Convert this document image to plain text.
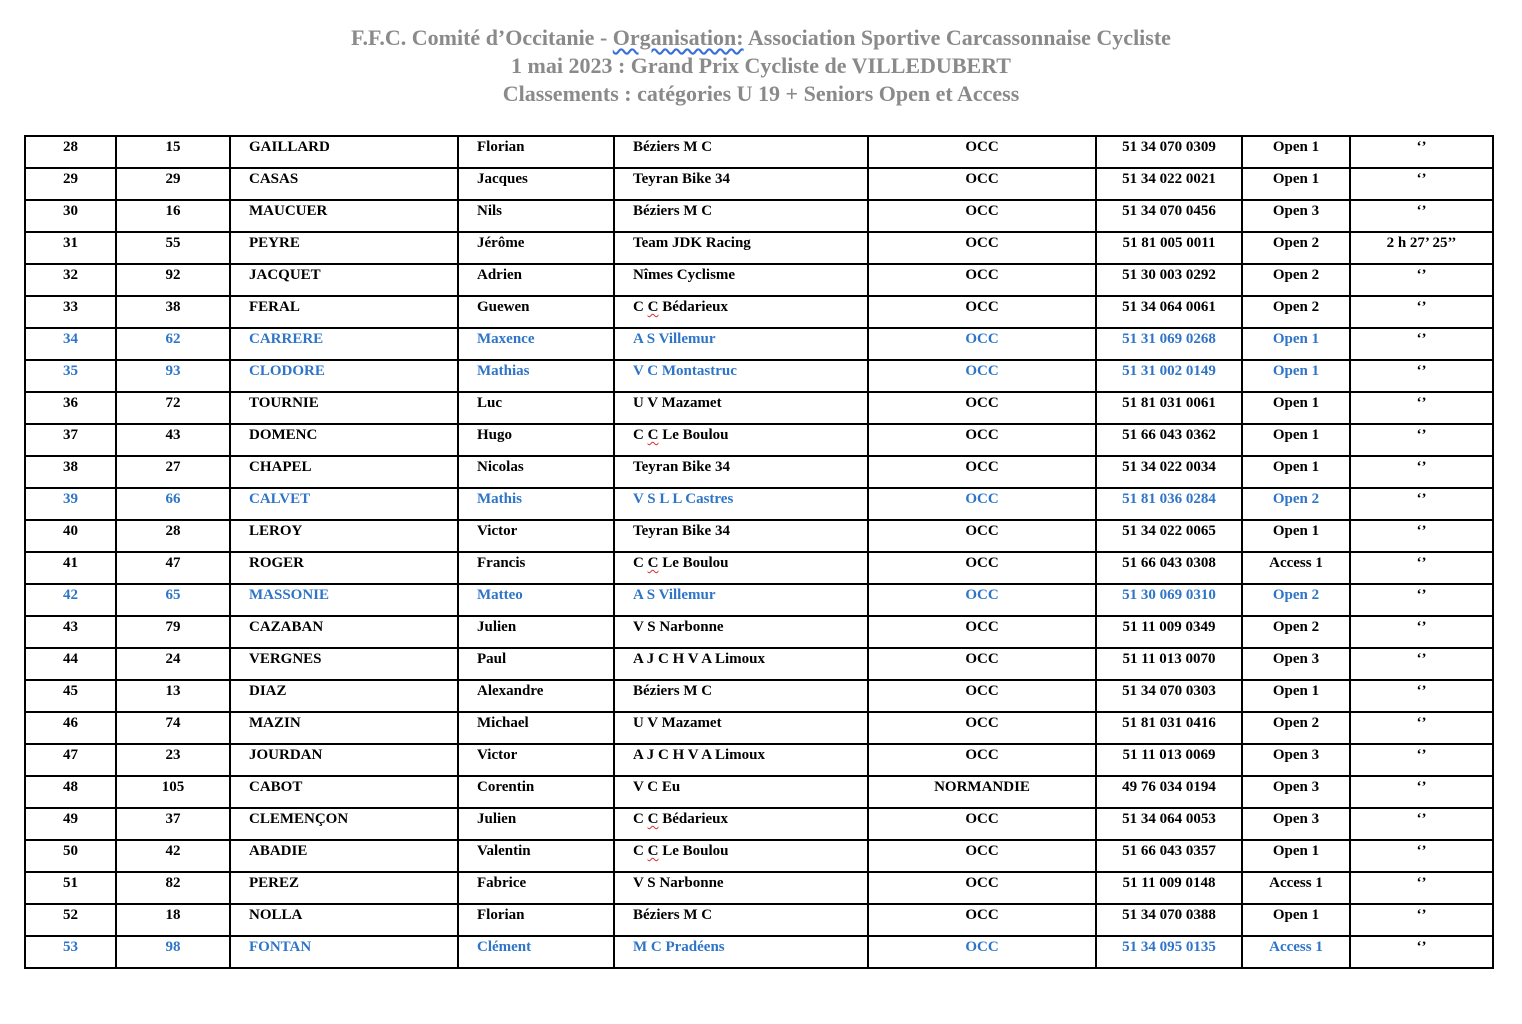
F.F.C. Comité d’Occitanie - Organisation: Association Sportive Carcassonnaise Cycliste
1 mai 2023 : Grand Prix Cycliste de VILLEDUBERT
Classements : catégories U 19 + Seniors Open et Access
28	15	GAILLARD	Florian	Béziers M C	OCC	51 34 070 0309	Open 1	‘’
29	29	CASAS	Jacques	Teyran Bike 34	OCC	51 34 022 0021	Open 1	‘’
30	16	MAUCUER	Nils	Béziers M C	OCC	51 34 070 0456	Open 3	‘’
31	55	PEYRE	Jérôme	Team JDK Racing	OCC	51 81 005 0011	Open 2	2 h 27’ 25’’
32	92	JACQUET	Adrien	Nîmes Cyclisme	OCC	51 30 003 0292	Open 2	‘’
33	38	FERAL	Guewen	C C Bédarieux	OCC	51 34 064 0061	Open 2	‘’
34	62	CARRERE	Maxence	A S Villemur	OCC	51 31 069 0268	Open 1	‘’
35	93	CLODORE	Mathias	V C Montastruc	OCC	51 31 002 0149	Open 1	‘’
36	72	TOURNIE	Luc	U V Mazamet	OCC	51 81 031 0061	Open 1	‘’
37	43	DOMENC	Hugo	C C Le Boulou	OCC	51 66 043 0362	Open 1	‘’
38	27	CHAPEL	Nicolas	Teyran Bike 34	OCC	51 34 022 0034	Open 1	‘’
39	66	CALVET	Mathis	V S L L Castres	OCC	51 81 036 0284	Open 2	‘’
40	28	LEROY	Victor	Teyran Bike 34	OCC	51 34 022 0065	Open 1	‘’
41	47	ROGER	Francis	C C Le Boulou	OCC	51 66 043 0308	Access 1	‘’
42	65	MASSONIE	Matteo	A S Villemur	OCC	51 30 069 0310	Open 2	‘’
43	79	CAZABAN	Julien	V S Narbonne	OCC	51 11 009 0349	Open 2	‘’
44	24	VERGNES	Paul	A J C H V A Limoux	OCC	51 11 013 0070	Open 3	‘’
45	13	DIAZ	Alexandre	Béziers M C	OCC	51 34 070 0303	Open 1	‘’
46	74	MAZIN	Michael	U V Mazamet	OCC	51 81 031 0416	Open 2	‘’
47	23	JOURDAN	Victor	A J C H V A Limoux	OCC	51 11 013 0069	Open 3	‘’
48	105	CABOT	Corentin	V C Eu	NORMANDIE	49 76 034 0194	Open 3	‘’
49	37	CLEMENÇON	Julien	C C Bédarieux	OCC	51 34 064 0053	Open 3	‘’
50	42	ABADIE	Valentin	C C Le Boulou	OCC	51 66 043 0357	Open 1	‘’
51	82	PEREZ	Fabrice	V S Narbonne	OCC	51 11 009 0148	Access 1	‘’
52	18	NOLLA	Florian	Béziers M C	OCC	51 34 070 0388	Open 1	‘’
53	98	FONTAN	Clément	M C Pradéens	OCC	51 34 095 0135	Access 1	‘’
